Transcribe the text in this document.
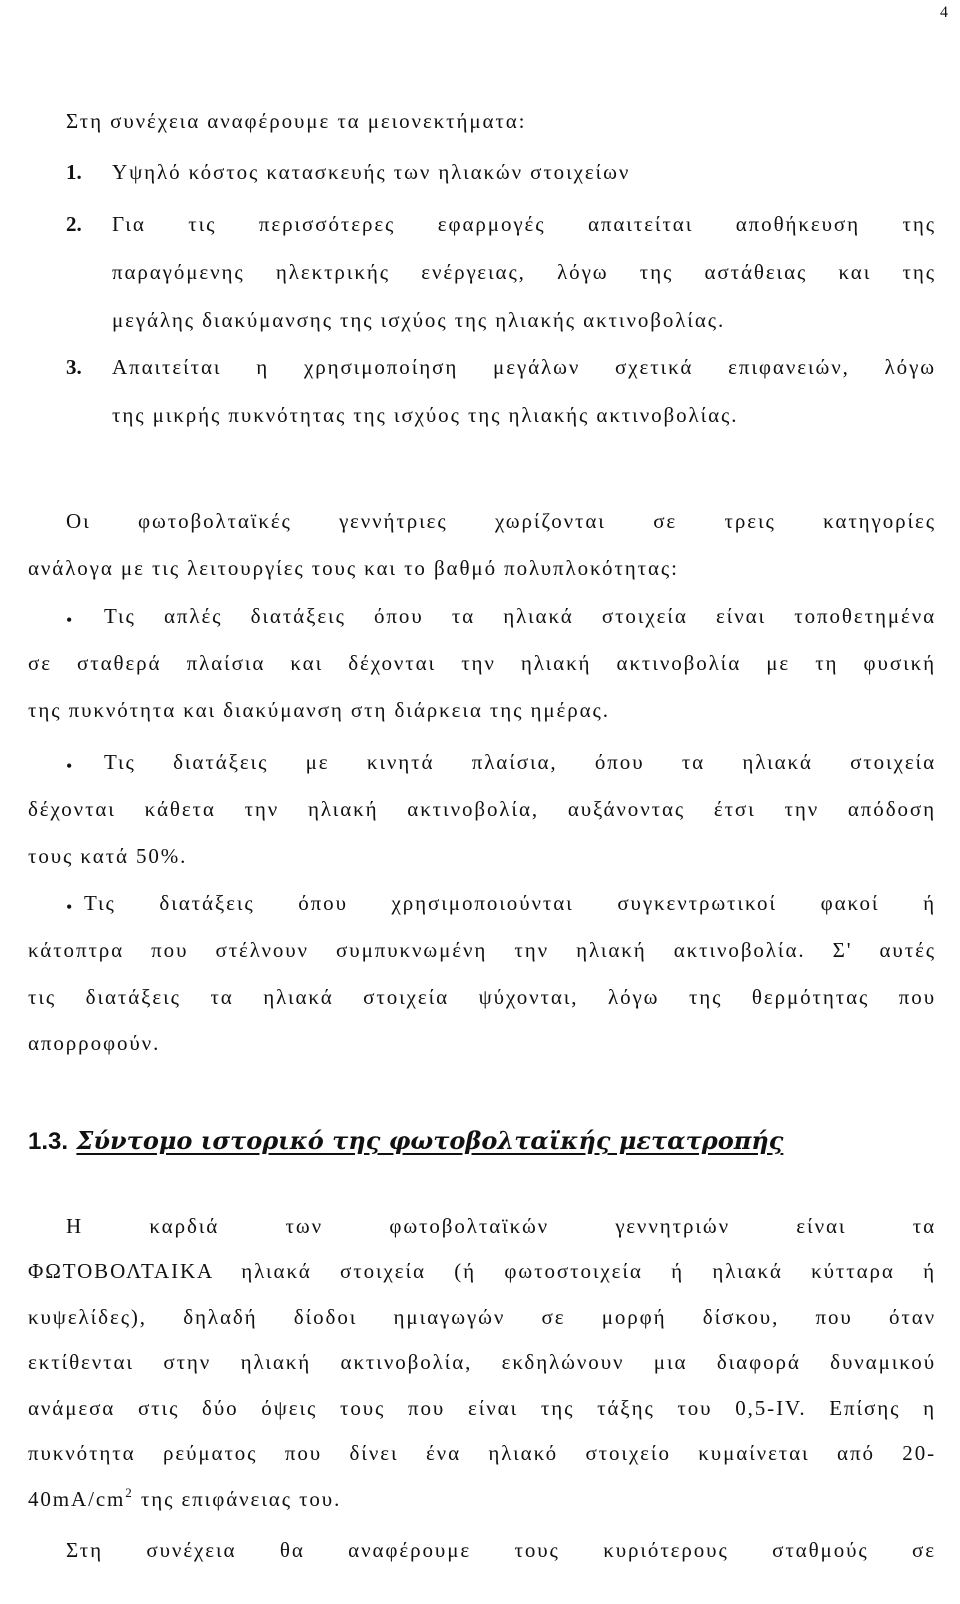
4
Στη συνέχεια αναφέρουμε τα μειονεκτήματα:
1. Υψηλό κόστος κατασκευής των ηλιακών στοιχείων
2. Για τις περισσότερες εφαρμογές απαιτείται αποθήκευση της
παραγόμενης ηλεκτρικής ενέργειας, λόγω της αστάθειας και της
μεγάλης διακύμανσης της ισχύος της ηλιακής ακτινοβολίας.
3. Απαιτείται η χρησιμοποίηση μεγάλων σχετικά επιφανειών, λόγω
της μικρής πυκνότητας της ισχύος της ηλιακής ακτινοβολίας.
Οι φωτοβολταϊκές γεννήτριες χωρίζονται σε τρεις κατηγορίες
ανάλογα με τις λειτουργίες τους και το βαθμό πολυπλοκότητας:
• Τις απλές διατάξεις όπου τα ηλιακά στοιχεία είναι τοποθετημένα
σε σταθερά πλαίσια και δέχονται την ηλιακή ακτινοβολία με τη φυσική
της πυκνότητα και διακύμανση στη διάρκεια της ημέρας.
• Τις διατάξεις με κινητά πλαίσια, όπου τα ηλιακά στοιχεία
δέχονται κάθετα την ηλιακή ακτινοβολία, αυξάνοντας έτσι την απόδοση
τους κατά 50%.
• Τις διατάξεις όπου χρησιμοποιούνται συγκεντρωτικοί φακοί ή
κάτοπτρα που στέλνουν συμπυκνωμένη την ηλιακή ακτινοβολία. Σ' αυτές
τις διατάξεις τα ηλιακά στοιχεία ψύχονται, λόγω της θερμότητας που
απορροφούν.
1.3. Σύντομο ιστορικό της φωτοβολταϊκής μετατροπής
Η καρδιά των φωτοβολταϊκών γεννητριών είναι τα
ΦΩΤΟΒΟΛΤΑΙΚΑ ηλιακά στοιχεία (ή φωτοστοιχεία ή ηλιακά κύτταρα ή
κυψελίδες), δηλαδή δίοδοι ημιαγωγών σε μορφή δίσκου, που όταν
εκτίθενται στην ηλιακή ακτινοβολία, εκδηλώνουν μια διαφορά δυναμικού
ανάμεσα στις δύο όψεις τους που είναι της τάξης του 0,5-IV. Επίσης η
πυκνότητα ρεύματος που δίνει ένα ηλιακό στοιχείο κυμαίνεται από 20-
$40mA/cm^2$ της επιφάνειας του.
Στη συνέχεια θα αναφέρουμε τους κυριότερους σταθμούς σε
